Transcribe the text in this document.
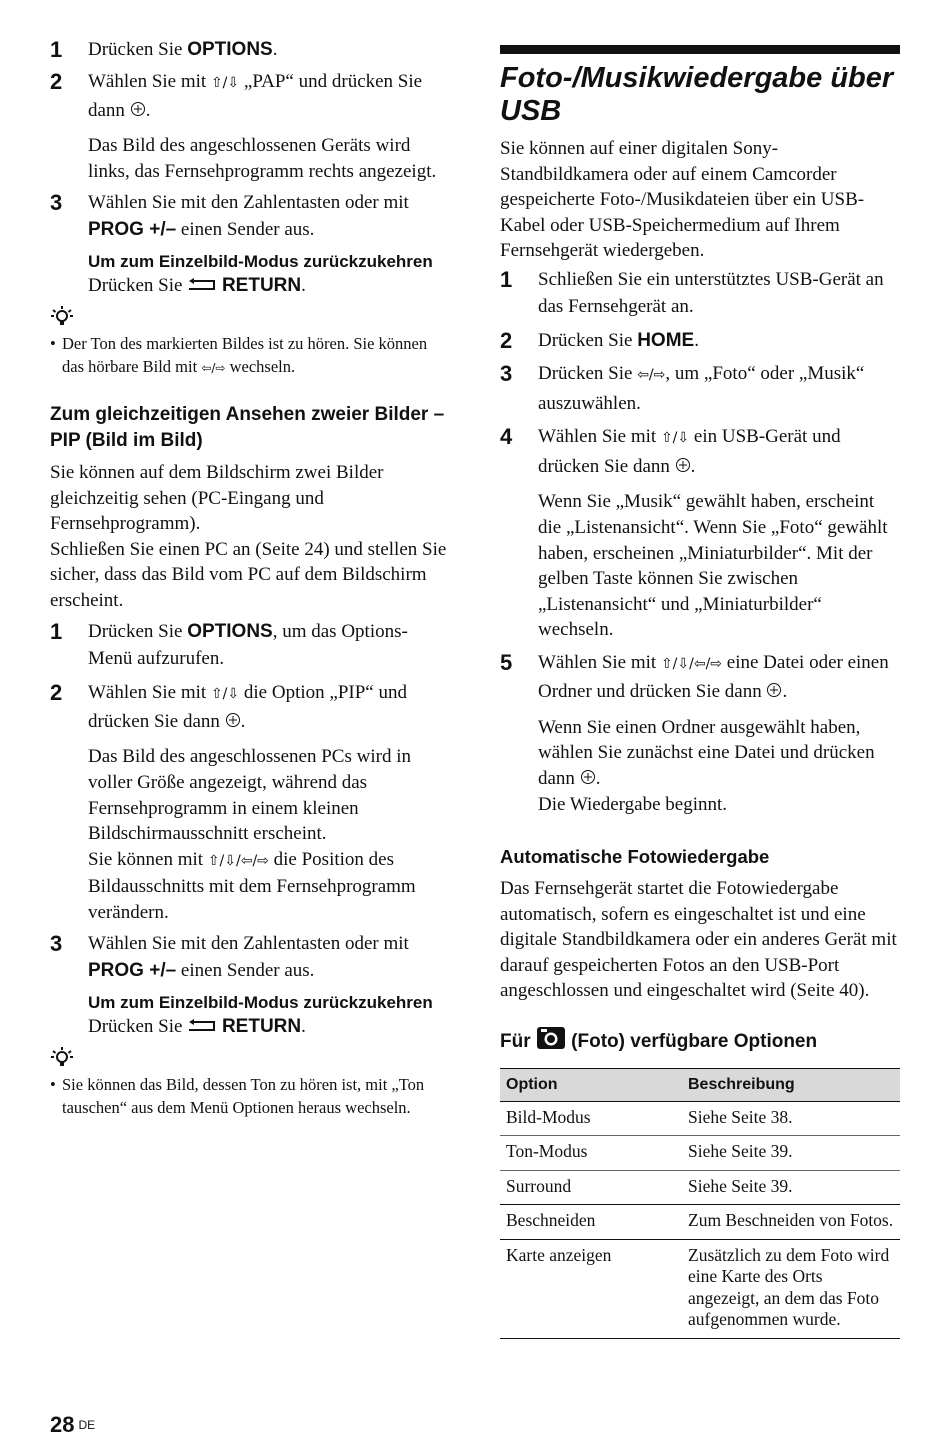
1	Drücken Sie OPTIONS.
2	Wählen Sie mit ⇧/⇩ „PAP“ und drücken Sie dann .

Das Bild des angeschlossenen Geräts wird links, das Fernsehprogramm rechts angezeigt.

3	Wählen Sie mit den Zahlentasten oder mit PROG +/– einen Sender aus.
Um zum Einzelbild-Modus zurückzukehren
Drücken Sie  RETURN.
• Der Ton des markierten Bildes ist zu hören. Sie können das hörbare Bild mit ⇦/⇨ wechseln.
Zum gleichzeitigen Ansehen zweier Bilder – PIP (Bild im Bild)

Sie können auf dem Bildschirm zwei Bilder gleichzeitig sehen (PC-Eingang und Fernsehprogramm).

Schließen Sie einen PC an (Seite 24) und stellen Sie sicher, dass das Bild vom PC auf dem Bildschirm erscheint.

1	Drücken Sie OPTIONS, um das Options-Menü aufzurufen.
2	Wählen Sie mit ⇧/⇩ die Option „PIP“ und drücken Sie dann .

Das Bild des angeschlossenen PCs wird in voller Größe angezeigt, während das Fernsehprogramm in einem kleinen Bildschirmausschnitt erscheint.

Sie können mit ⇧/⇩/⇦/⇨ die Position des Bildausschnitts mit dem Fernsehprogramm verändern.

3	Wählen Sie mit den Zahlentasten oder mit PROG +/– einen Sender aus.
Um zum Einzelbild-Modus zurückzukehren
Drücken Sie  RETURN.
• Sie können das Bild, dessen Ton zu hören ist, mit „Ton tauschen“ aus dem Menü Optionen heraus wechseln.
Foto-/Musikwiedergabe über USB

Sie können auf einer digitalen Sony-Standbildkamera oder auf einem Camcorder gespeicherte Foto-/Musikdateien über ein USB-Kabel oder USB-Speichermedium auf Ihrem Fernsehgerät wiedergeben.

1	Schließen Sie ein unterstütztes USB-Gerät an das Fernsehgerät an.
2	Drücken Sie HOME.
3	Drücken Sie ⇦/⇨, um „Foto“ oder „Musik“ auszuwählen.
4	Wählen Sie mit ⇧/⇩ ein USB-Gerät und drücken Sie dann .

Wenn Sie „Musik“ gewählt haben, erscheint die „Listenansicht“. Wenn Sie „Foto“ gewählt haben, erscheinen „Miniaturbilder“. Mit der gelben Taste können Sie zwischen „Listenansicht“ und „Miniaturbilder“ wechseln.

5	Wählen Sie mit ⇧/⇩/⇦/⇨ eine Datei oder einen Ordner und drücken Sie dann .

Wenn Sie einen Ordner ausgewählt haben, wählen Sie zunächst eine Datei und drücken dann .

Die Wiedergabe beginnt.

Automatische Fotowiedergabe

Das Fernsehgerät startet die Fotowiedergabe automatisch, sofern es eingeschaltet ist und eine digitale Standbildkamera oder ein anderes Gerät mit darauf gespeicherten Fotos an den USB-Port angeschlossen und eingeschaltet wird (Seite 40).

Für  (Foto) verfügbare Optionen
Option	Beschreibung
Bild-Modus	Siehe Seite 38.
Ton-Modus	Siehe Seite 39.
Surround	Siehe Seite 39.
Beschneiden	Zum Beschneiden von Fotos.
Karte anzeigen	Zusätzlich zu dem Foto wird eine Karte des Orts angezeigt, an dem das Foto aufgenommen wurde.
28 $^{DE}$
